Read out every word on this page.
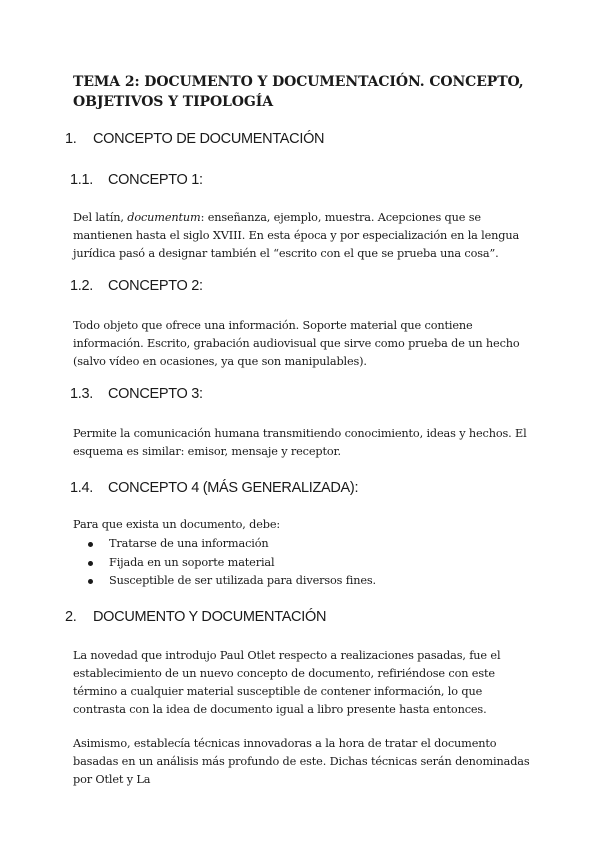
TEMA 2: DOCUMENTO Y DOCUMENTACIÓN. CONCEPTO, OBJETIVOS Y TIPOLOGÍA
1. CONCEPTO DE DOCUMENTACIÓN
1.1. CONCEPTO 1:

Del latín, documentum: enseñanza, ejemplo, muestra. Acepciones que se mantienen hasta el siglo XVIII. En esta época y por especialización en la lengua jurídica pasó a designar también el “escrito con el que se prueba una cosa”.

1.2. CONCEPTO 2:

Todo objeto que ofrece una información. Soporte material que contiene información. Escrito, grabación audiovisual que sirve como prueba de un hecho (salvo vídeo en ocasiones, ya que son manipulables).

1.3. CONCEPTO 3:

Permite la comunicación humana transmitiendo conocimiento, ideas y hechos. El esquema es similar: emisor, mensaje y receptor.

1.4. CONCEPTO 4 (MÁS GENERALIZADA):

Para que exista un documento, debe:

Tratarse de una información
Fijada en un soporte material
Susceptible de ser utilizada para diversos fines.
2. DOCUMENTO Y DOCUMENTACIÓN

La novedad que introdujo Paul Otlet respecto a realizaciones pasadas, fue el establecimiento de un nuevo concepto de documento, refiriéndose con este término a cualquier material susceptible de contener información, lo que contrasta con la idea de documento igual a libro presente hasta entonces.

Asimismo, establecía técnicas innovadoras a la hora de tratar el documento basadas en un análisis más profundo de este. Dichas técnicas serán denominadas por Otlet y La
